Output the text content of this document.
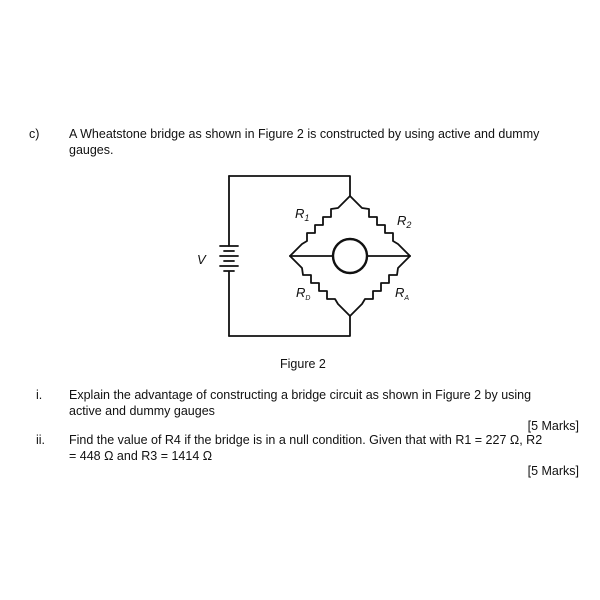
c) A Wheatstone bridge as shown in Figure 2 is constructed by using active and dummy
gauges.
V
$R_1$	$R_2$
$R_D$	$R_A$
Figure 2
i. Explain the advantage of constructing a bridge circuit as shown in Figure 2 by using
active and dummy gauges
[5 Marks]
ii. Find the value of R4 if the bridge is in a null condition. Given that with R1 = 227 Ω, R2
= 448 Ω and R3 = 1414 Ω
[5 Marks]
